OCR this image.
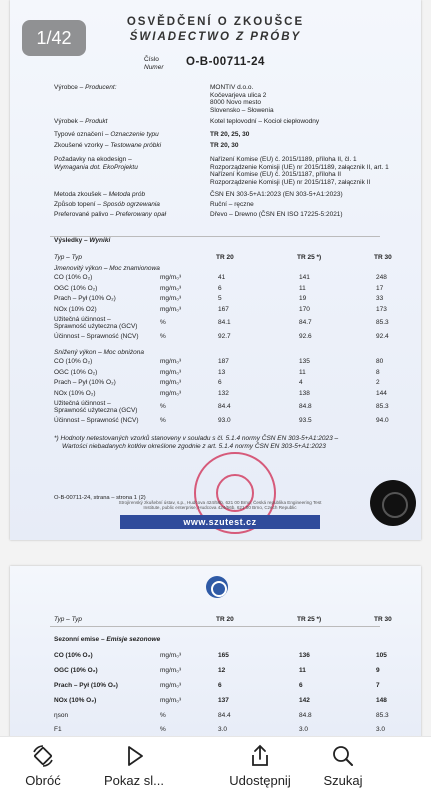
1/42
OSVĚDČENÍ O ZKOUŠCE
ŚWIADECTWO Z PRÓBY
Číslo
Numer O-B-00711-24
Výrobce – Producent:	MONTIV d.o.o.
Kočevarjeva ulica 2
8000 Novo mesto
Slovensko – Słowenia
Výrobek – Produkt	Kotel teplovodní – Kocioł ciepłowodny
Typové označení – Oznaczenie typu	TR 20, 25, 30
Zkoušené vzorky – Testowane próbki	TR 20, 30
Požadavky na ekodesign –
Wymagania dot. EkoProjektu
Nařízení Komise (EU) č. 2015/1189, příloha II, čl. 1
Rozporządzenie Komisji (UE) nr 2015/1189, załącznik II, art. 1
Nařízení Komise (EU) č. 2015/1187, příloha II
Rozporządzenie Komisji (UE) nr 2015/1187, załącznik II
Metoda zkoušek – Metoda prób	ČSN EN 303-5+A1:2023 (EN 303-5+A1:2023)
Způsob topení – Sposób ogrzewania	Ruční – ręczne
Preferované palivo – Preferowany opał	Dřevo – Drewno (ČSN EN ISO 17225-5:2021)
Výsledky – Wyniki
Typ – Typ	TR 20	TR 25 *)	TR 30
Jmenovitý výkon – Moc znamionowa
CO (10% O₂)	mg/m₀³	41	141	248
OGC (10% O₂)	mg/m₀³	6	11	17
Prach – Pył (10% O₂)	mg/m₀³	5	19	33
NOx (10% O2)	mg/m₀³	167	170	173
Užitečná účinnost –
Sprawność użyteczna (GCV)
%	84.1	84.7	85.3
Účinnost – Sprawność (NCV)	%	92.7	92.6	92.4
Snížený výkon – Moc obniżona
CO (10% O₂)	mg/m₀³	187	135	80
OGC (10% O₂)	mg/m₀³	13	11	8
Prach – Pył (10% O₂)	mg/m₀³	6	4	2
NOx (10% O₂)	mg/m₀³	132	138	144
Užitečná účinnost –
Sprawność użyteczna (GCV)
%	84.4	84.8	85.3
Účinnost – Sprawność (NCV)	%	93.0	93.5	94.0
*) Hodnoty netestovaných vzorků stanoveny v souladu s čl. 5.1.4 normy ČSN EN 303-5+A1:2023 –
Wartości niebadanych kotłów określone zgodnie z art. 5.1.4 normy ČSN EN 303-5+A1:2023
O-B-00711-24, strana – strona 1 (2)
Strojírenský zkušební ústav, s.p., Hudcova 424/56b, 621 00 Brno, Česká republika Engineering Test Institute, public enterprise, Hudcova 424/56b, 621 00 Brno, Czech Republic
www.szutest.cz
Typ – Typ	TR 20	TR 25 *)	TR 30
Sezonní emise – Emisje sezonowe
CO (10% O₂)	mg/m₀³	165	136	105
OGC (10% O₂)	mg/m₀³	12	11	9
Prach – Pył (10% O₂)	mg/m₀³	6	6	7
NOx (10% O₂)	mg/m₀³	137	142	148
ηson	%	84.4	84.8	85.3
F1	%	3.0	3.0	3.0
Obróć	Pokaz sl...	Udostępnij	Szukaj
